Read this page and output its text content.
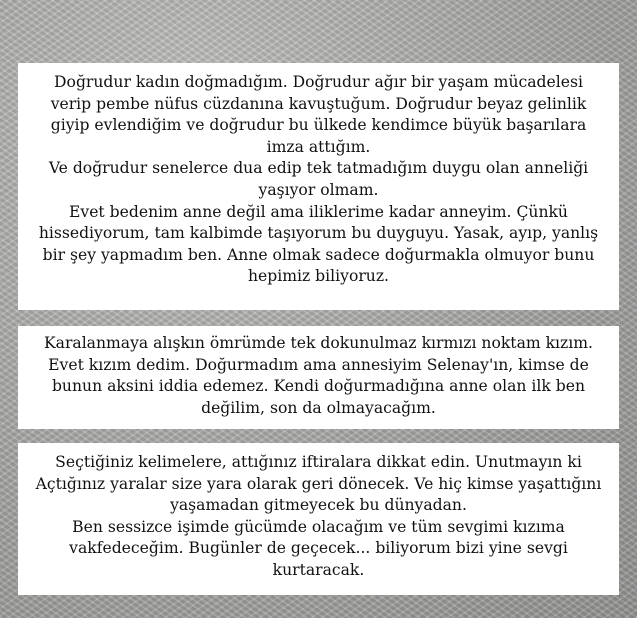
Doğrudur kadın doğmadığım. Doğrudur ağır bir yaşam mücadelesi

verip pembe nüfus cüzdanına kavuştuğum. Doğrudur beyaz gelinlik

giyip evlendiğim ve doğrudur bu ülkede kendimce büyük başarılara

imza attığım.

Ve doğrudur senelerce dua edip tek tatmadığım duygu olan anneliği

yaşıyor olmam.

Evet bedenim anne değil ama iliklerime kadar anneyim. Çünkü

hissediyorum, tam kalbimde taşıyorum bu duyguyu. Yasak, ayıp, yanlış

bir şey yapmadım ben. Anne olmak sadece doğurmakla olmuyor bunu

hepimiz biliyoruz.

Karalanmaya alışkın ömrümde tek dokunulmaz kırmızı noktam kızım.

Evet kızım dedim. Doğurmadım ama annesiyim Selenay'ın, kimse de

bunun aksini iddia edemez. Kendi doğurmadığına anne olan ilk ben

değilim, son da olmayacağım.

Seçtiğiniz kelimelere, attığınız iftiralara dikkat edin. Unutmayın ki

Açtığınız yaralar size yara olarak geri dönecek. Ve hiç kimse yaşattığını

yaşamadan gitmeyecek bu dünyadan.

Ben sessizce işimde gücümde olacağım ve tüm sevgimi kızıma

vakfedeceğim. Bugünler de geçecek... biliyorum bizi yine sevgi

kurtaracak.
